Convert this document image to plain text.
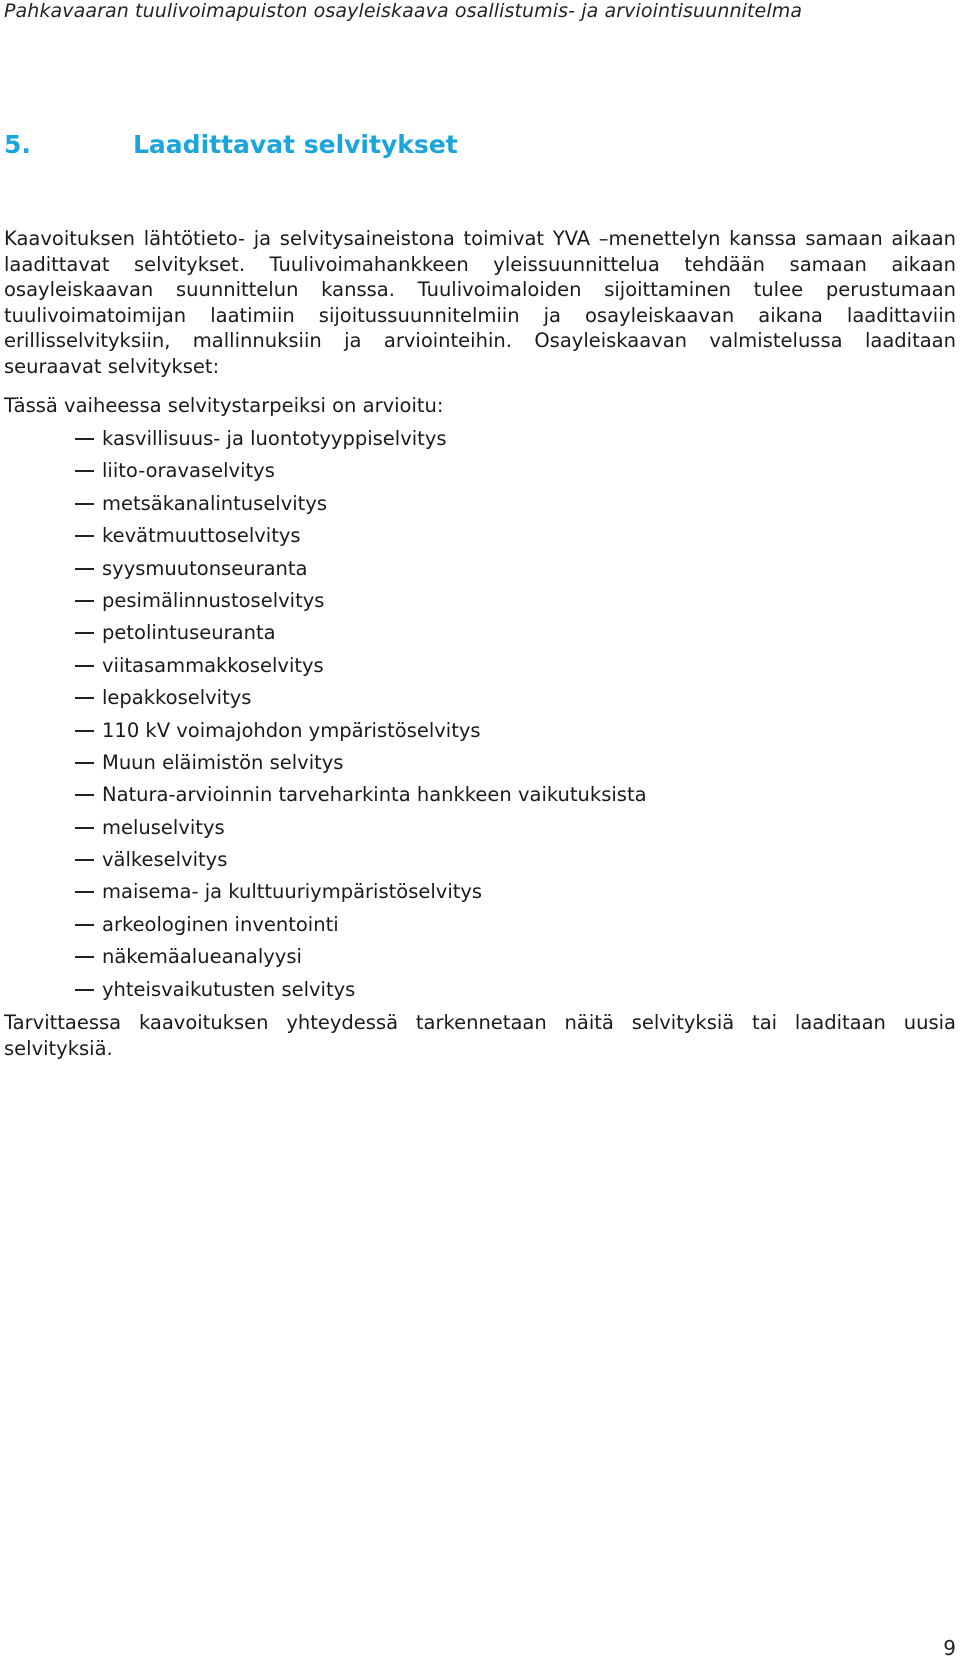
Pahkavaaran tuulivoimapuiston osayleiskaava osallistumis- ja arviointisuunnitelma
5.	Laadittavat selvitykset

Kaavoituksen lähtötieto- ja selvitysaineistona toimivat YVA –menettelyn kanssa samaan aikaan laadittavat selvitykset. Tuulivoimahankkeen yleissuunnittelua tehdään samaan aikaan osayleiskaavan suunnittelun kanssa. Tuulivoimaloiden sijoittaminen tulee perustumaan tuulivoimatoimijan laatimiin sijoitussuunnitelmiin ja osayleiskaavan aikana laadittaviin erillisselvityksiin, mallinnuksiin ja arviointeihin. Osayleiskaavan valmistelussa laaditaan seuraavat selvitykset:

Tässä vaiheessa selvitystarpeiksi on arvioitu:

kasvillisuus- ja luontotyyppiselvitys
liito-oravaselvitys
metsäkanalintuselvitys
kevätmuuttoselvitys
syysmuutonseuranta
pesimälinnustoselvitys
petolintuseuranta
viitasammakkoselvitys
lepakkoselvitys
110 kV voimajohdon ympäristöselvitys
Muun eläimistön selvitys
Natura-arvioinnin tarveharkinta hankkeen vaikutuksista
meluselvitys
välkeselvitys
maisema- ja kulttuuriympäristöselvitys
arkeologinen inventointi
näkemäalueanalyysi
yhteisvaikutusten selvitys

Tarvittaessa kaavoituksen yhteydessä tarkennetaan näitä selvityksiä tai laaditaan uusia selvityksiä.

9
